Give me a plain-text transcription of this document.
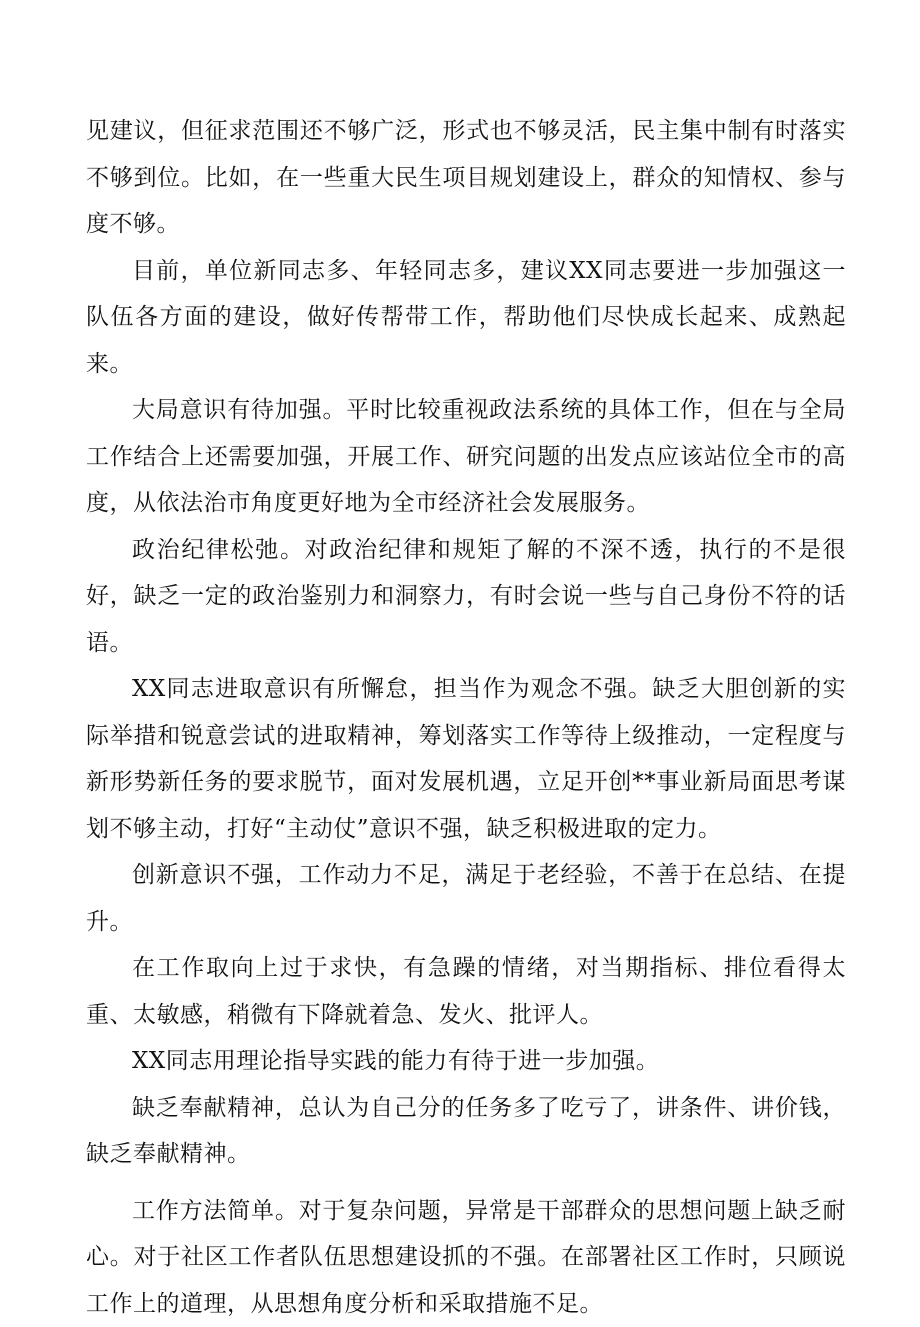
见建议，但征求范围还不够广泛，形式也不够灵活，民主集中制有时落实不够到位。比如，在一些重大民生项目规划建设上，群众的知情权、参与度不够。

目前，单位新同志多、年轻同志多，建议XX同志要进一步加强这一队伍各方面的建设，做好传帮带工作，帮助他们尽快成长起来、成熟起来。

大局意识有待加强。平时比较重视政法系统的具体工作，但在与全局工作结合上还需要加强，开展工作、研究问题的出发点应该站位全市的高度，从依法治市角度更好地为全市经济社会发展服务。

政治纪律松弛。对政治纪律和规矩了解的不深不透，执行的不是很好，缺乏一定的政治鉴别力和洞察力，有时会说一些与自己身份不符的话语。

XX同志进取意识有所懈怠，担当作为观念不强。缺乏大胆创新的实际举措和锐意尝试的进取精神，筹划落实工作等待上级推动，一定程度与新形势新任务的要求脱节，面对发展机遇，立足开创**事业新局面思考谋划不够主动，打好“主动仗”意识不强，缺乏积极进取的定力。

创新意识不强，工作动力不足，满足于老经验，不善于在总结、在提升。

在工作取向上过于求快，有急躁的情绪，对当期指标、排位看得太重、太敏感，稍微有下降就着急、发火、批评人。

XX同志用理论指导实践的能力有待于进一步加强。

缺乏奉献精神，总认为自己分的任务多了吃亏了，讲条件、讲价钱，缺乏奉献精神。

工作方法简单。对于复杂问题，异常是干部群众的思想问题上缺乏耐心。对于社区工作者队伍思想建设抓的不强。在部署社区工作时，只顾说工作上的道理，从思想角度分析和采取措施不足。
